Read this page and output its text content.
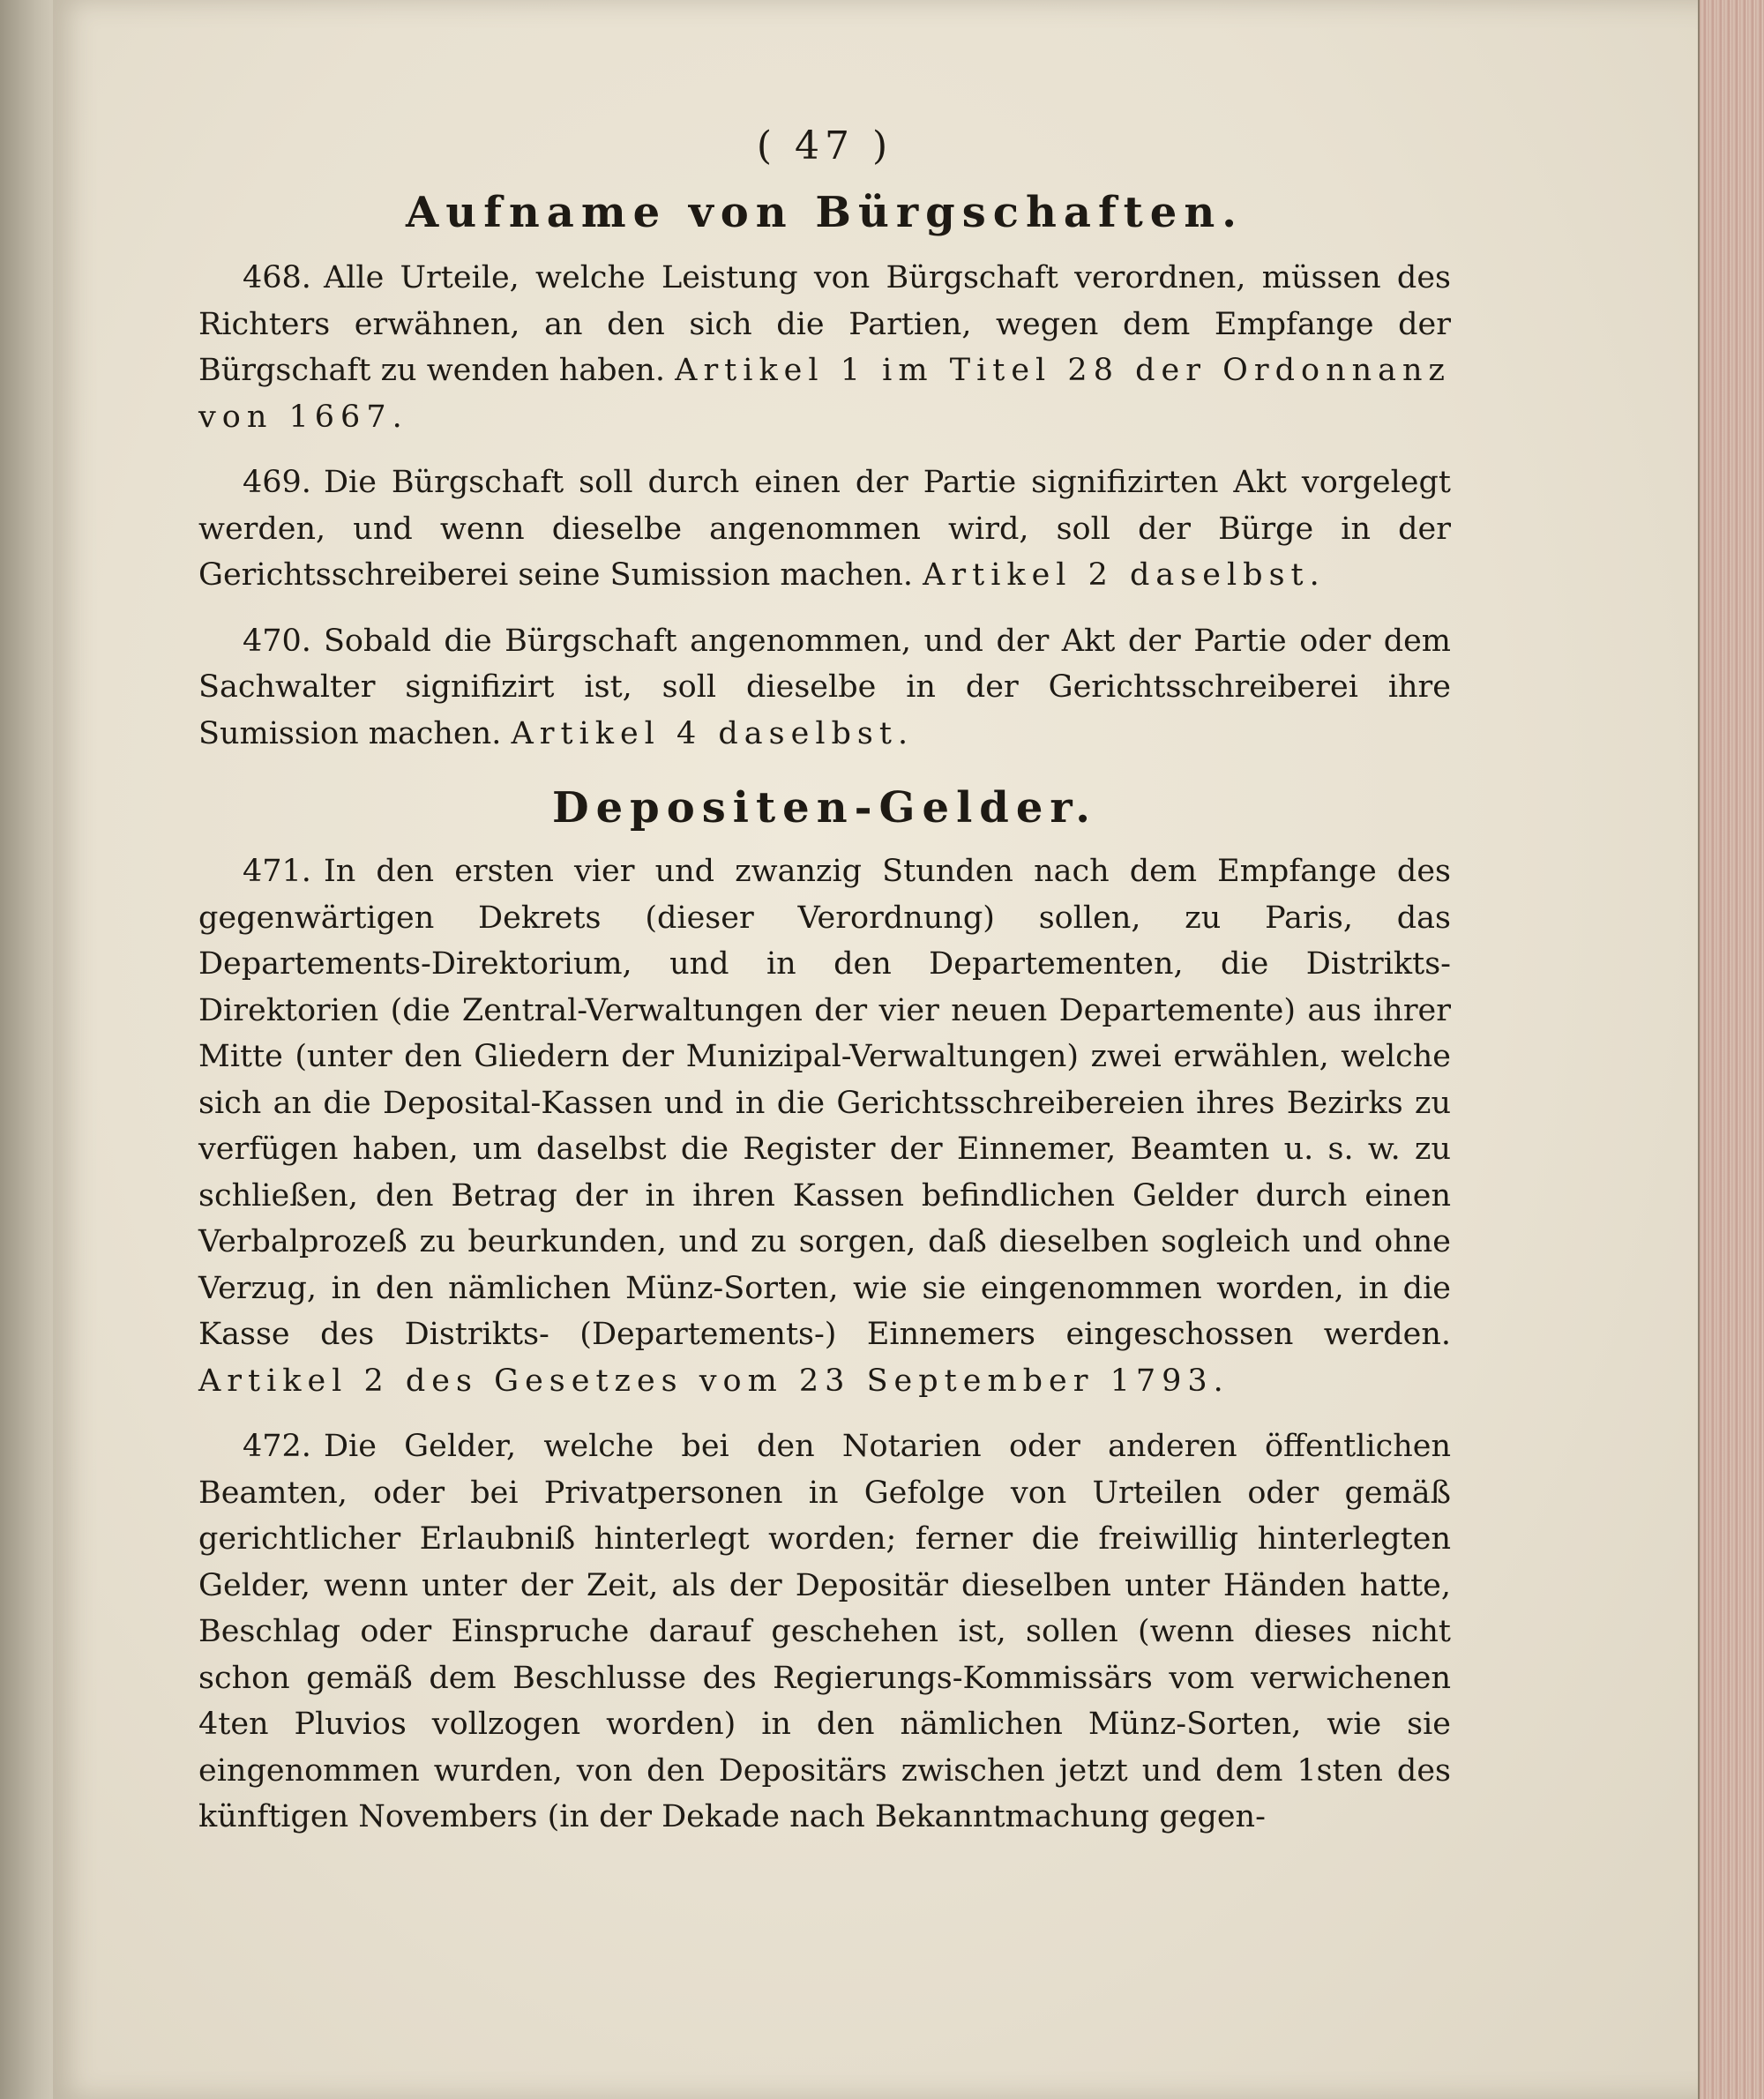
( 47 )
Aufname von Bürgschaften.

468. Alle Urteile, welche Leistung von Bürgschaft verordnen, müssen des Richters erwähnen, an den sich die Partien, wegen dem Empfange der Bürgschaft zu wenden haben. Artikel 1 im Titel 28 der Ordonnanz von 1667.

469. Die Bürgschaft soll durch einen der Partie signifizirten Akt vorgelegt werden, und wenn dieselbe angenommen wird, soll der Bürge in der Gerichtsschreiberei seine Sumission machen. Artikel 2 daselbst.

470. Sobald die Bürgschaft angenommen, und der Akt der Partie oder dem Sachwalter signifizirt ist, soll dieselbe in der Gerichtsschreiberei ihre Sumission machen. Artikel 4 daselbst.

Depositen-Gelder.

471. In den ersten vier und zwanzig Stunden nach dem Empfange des gegenwärtigen Dekrets (dieser Verordnung) sollen, zu Paris, das Departements-Direktorium, und in den Departementen, die Distrikts-Direktorien (die Zentral-Verwaltungen der vier neuen Departemente) aus ihrer Mitte (unter den Gliedern der Munizipal-Verwaltungen) zwei erwählen, welche sich an die Deposital-Kassen und in die Gerichtsschreibereien ihres Bezirks zu verfügen haben, um daselbst die Register der Einnemer, Beamten u. s. w. zu schließen, den Betrag der in ihren Kassen befindlichen Gelder durch einen Verbalprozeß zu beurkunden, und zu sorgen, daß dieselben sogleich und ohne Verzug, in den nämlichen Münz-Sorten, wie sie eingenommen worden, in die Kasse des Distrikts- (Departements-) Einnemers eingeschossen werden. Artikel 2 des Gesetzes vom 23 September 1793.

472. Die Gelder, welche bei den Notarien oder anderen öffentlichen Beamten, oder bei Privatpersonen in Gefolge von Urteilen oder gemäß gerichtlicher Erlaubniß hinterlegt worden; ferner die freiwillig hinterlegten Gelder, wenn unter der Zeit, als der Depositär dieselben unter Händen hatte, Beschlag oder Einspruche darauf geschehen ist, sollen (wenn dieses nicht schon gemäß dem Beschlusse des Regierungs-Kommissärs vom verwichenen 4ten Pluvios vollzogen worden) in den nämlichen Münz-Sorten, wie sie eingenommen wurden, von den Depositärs zwischen jetzt und dem 1sten des künftigen Novembers (in der Dekade nach Bekanntmachung gegen-
